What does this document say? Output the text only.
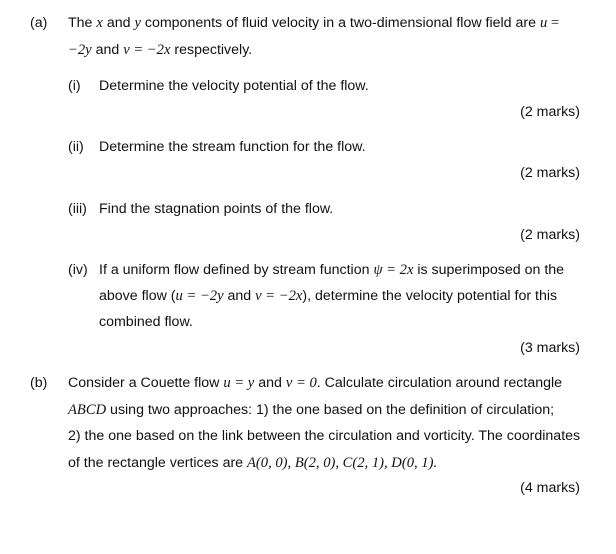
(a) The x and y components of fluid velocity in a two-dimensional flow field are u =
−2y and v = −2x respectively.
(i) Determine the velocity potential of the flow.
(2 marks)
(ii) Determine the stream function for the flow.
(2 marks)
(iii) Find the stagnation points of the flow.
(2 marks)
(iv) If a uniform flow defined by stream function ψ = 2x is superimposed on the
above flow (u = −2y and v = −2x), determine the velocity potential for this
combined flow.
(3 marks)
(b) Consider a Couette flow u = y and v = 0. Calculate circulation around rectangle
ABCD using two approaches: 1) the one based on the definition of circulation;
2) the one based on the link between the circulation and vorticity. The coordinates
of the rectangle vertices are A(0, 0), B(2, 0), C(2, 1), D(0, 1).
(4 marks)
